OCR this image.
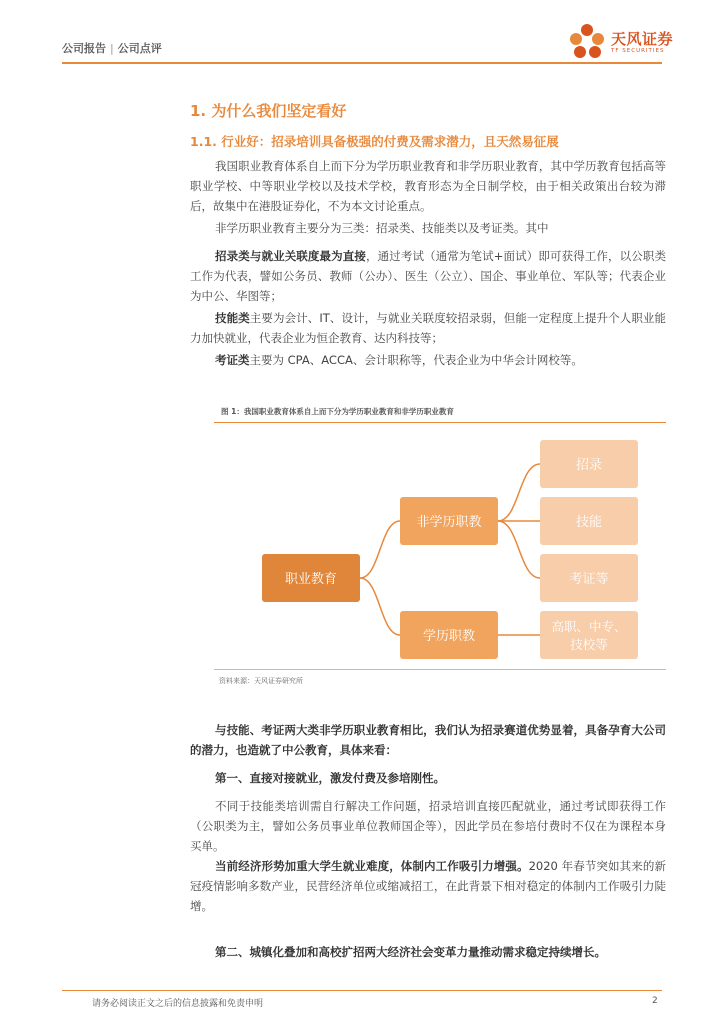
公司报告 | 公司点评
天风证券
TF SECURITIES
1. 为什么我们坚定看好
1.1. 行业好：招录培训具备极强的付费及需求潜力，且天然易征展

我国职业教育体系自上而下分为学历职业教育和非学历职业教育，其中学历教育包括高等职业学校、中等职业学校以及技术学校，教育形态为全日制学校，由于相关政策出台较为滞后，故集中在港股证券化，不为本文讨论重点。

非学历职业教育主要分为三类：招录类、技能类以及考证类。其中

招录类与就业关联度最为直接，通过考试（通常为笔试+面试）即可获得工作，以公职类工作为代表，譬如公务员、教师（公办）、医生（公立）、国企、事业单位、军队等；代表企业为中公、华图等；

技能类主要为会计、IT、设计，与就业关联度较招录弱，但能一定程度上提升个人职业能力加快就业，代表企业为恒企教育、达内科技等；

考证类主要为 CPA、ACCA、会计职称等，代表企业为中华会计网校等。

图 1：我国职业教育体系自上而下分为学历职业教育和非学历职业教育
职业教育
非学历职教
学历职教
招录
技能
考证等
高职、中专、
技校等
资料来源：天风证券研究所

与技能、考证两大类非学历职业教育相比，我们认为招录赛道优势显着，具备孕育大公司的潜力，也造就了中公教育，具体来看：

第一、直接对接就业，激发付费及参培刚性。

不同于技能类培训需自行解决工作问题，招录培训直接匹配就业，通过考试即获得工作（公职类为主，譬如公务员事业单位教师国企等），因此学员在参培付费时不仅在为课程本身买单。

当前经济形势加重大学生就业难度，体制内工作吸引力增强。2020 年春节突如其来的新冠疫情影响多数产业，民营经济单位或缩减招工，在此背景下相对稳定的体制内工作吸引力陡增。

第二、城镇化叠加和高校扩招两大经济社会变革力量推动需求稳定持续增长。

请务必阅读正文之后的信息披露和免责申明	2
